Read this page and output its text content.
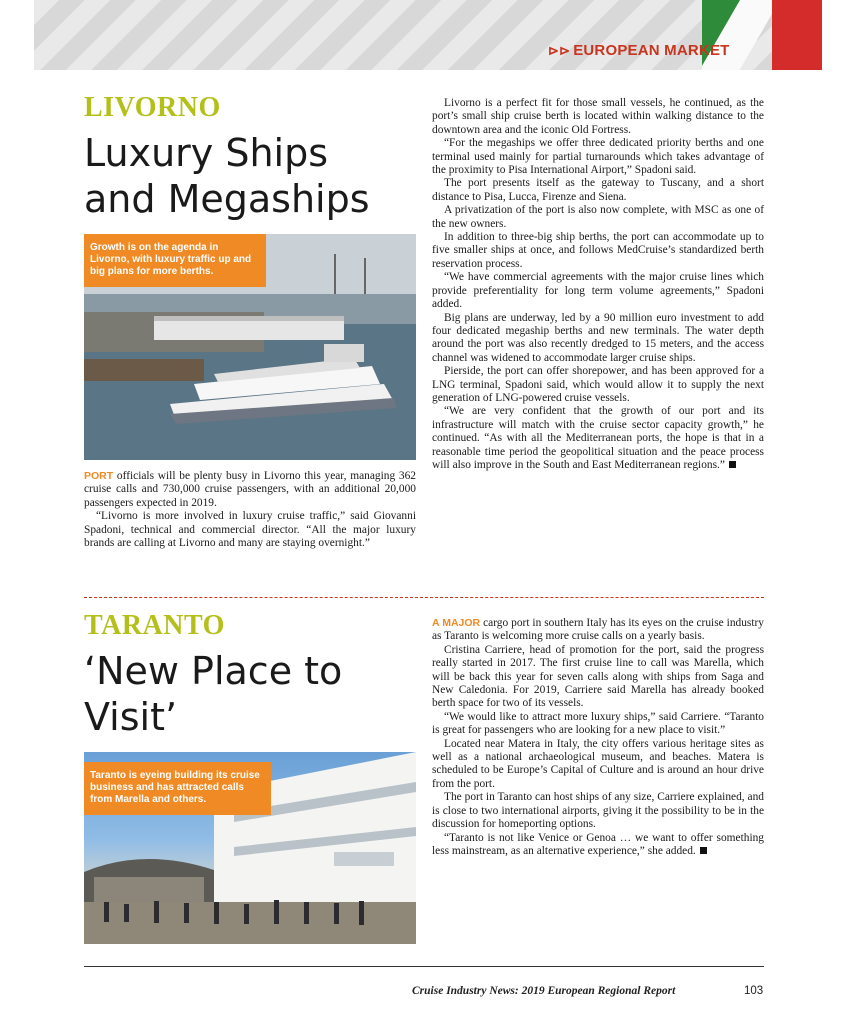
⊳⊳ EUROPEAN MARKET
LIVORNO
Luxury Ships
and Megaships
Growth is on the agenda in Livorno, with luxury traffic up and big plans for more berths.

PORT officials will be plenty busy in Livorno this year, managing 362 cruise calls and 730,000 cruise passengers, with an additional 20,000 passengers expected in 2019.

“Livorno is more involved in luxury cruise traffic,” said Giovanni Spadoni, technical and commercial director. “All the major luxury brands are calling at Livorno and many are staying overnight.”

Livorno is a perfect fit for those small vessels, he continued, as the port’s small ship cruise berth is located within walking distance to the downtown area and the iconic Old Fortress.

“For the megaships we offer three dedicated priority berths and one terminal used mainly for partial turnarounds which takes advantage of the proximity to Pisa International Airport,” Spadoni said.

The port presents itself as the gateway to Tuscany, and a short distance to Pisa, Lucca, Firenze and Siena.

A privatization of the port is also now complete, with MSC as one of the new owners.

In addition to three-big ship berths, the port can accommodate up to five smaller ships at once, and follows MedCruise’s standardized berth reservation process.

“We have commercial agreements with the major cruise lines which provide preferentiality for long term volume agreements,” Spadoni added.

Big plans are underway, led by a 90 million euro investment to add four dedicated megaship berths and new terminals. The water depth around the port was also recently dredged to 15 meters, and the access channel was widened to accommodate larger cruise ships.

Pierside, the port can offer shorepower, and has been approved for a LNG terminal, Spadoni said, which would allow it to supply the next generation of LNG-powered cruise vessels.

“We are very confident that the growth of our port and its infrastructure will match with the cruise sector capacity growth,” he continued. “As with all the Mediterranean ports, the hope is that in a reasonable time period the geopolitical situation and the peace process will also improve in the South and East Mediterranean regions.”

TARANTO
‘New Place to
Visit’
Taranto is eyeing building its cruise business and has attracted calls from Marella and others.

A MAJOR cargo port in southern Italy has its eyes on the cruise industry as Taranto is welcoming more cruise calls on a yearly basis.

Cristina Carriere, head of promotion for the port, said the progress really started in 2017. The first cruise line to call was Marella, which will be back this year for seven calls along with ships from Saga and New Caledonia. For 2019, Carriere said Marella has already booked berth space for two of its vessels.

“We would like to attract more luxury ships,” said Carriere. “Taranto is great for passengers who are looking for a new place to visit.”

Located near Matera in Italy, the city offers various heritage sites as well as a national archaeological museum, and beaches. Matera is scheduled to be Europe’s Capital of Culture and is around an hour drive from the port.

The port in Taranto can host ships of any size, Carriere explained, and is close to two international airports, giving it the possibility to be in the discussion for homeporting options.

“Taranto is not like Venice or Genoa … we want to offer something less mainstream, as an alternative experience,” she added.

Cruise Industry News: 2019 European Regional Report	103
